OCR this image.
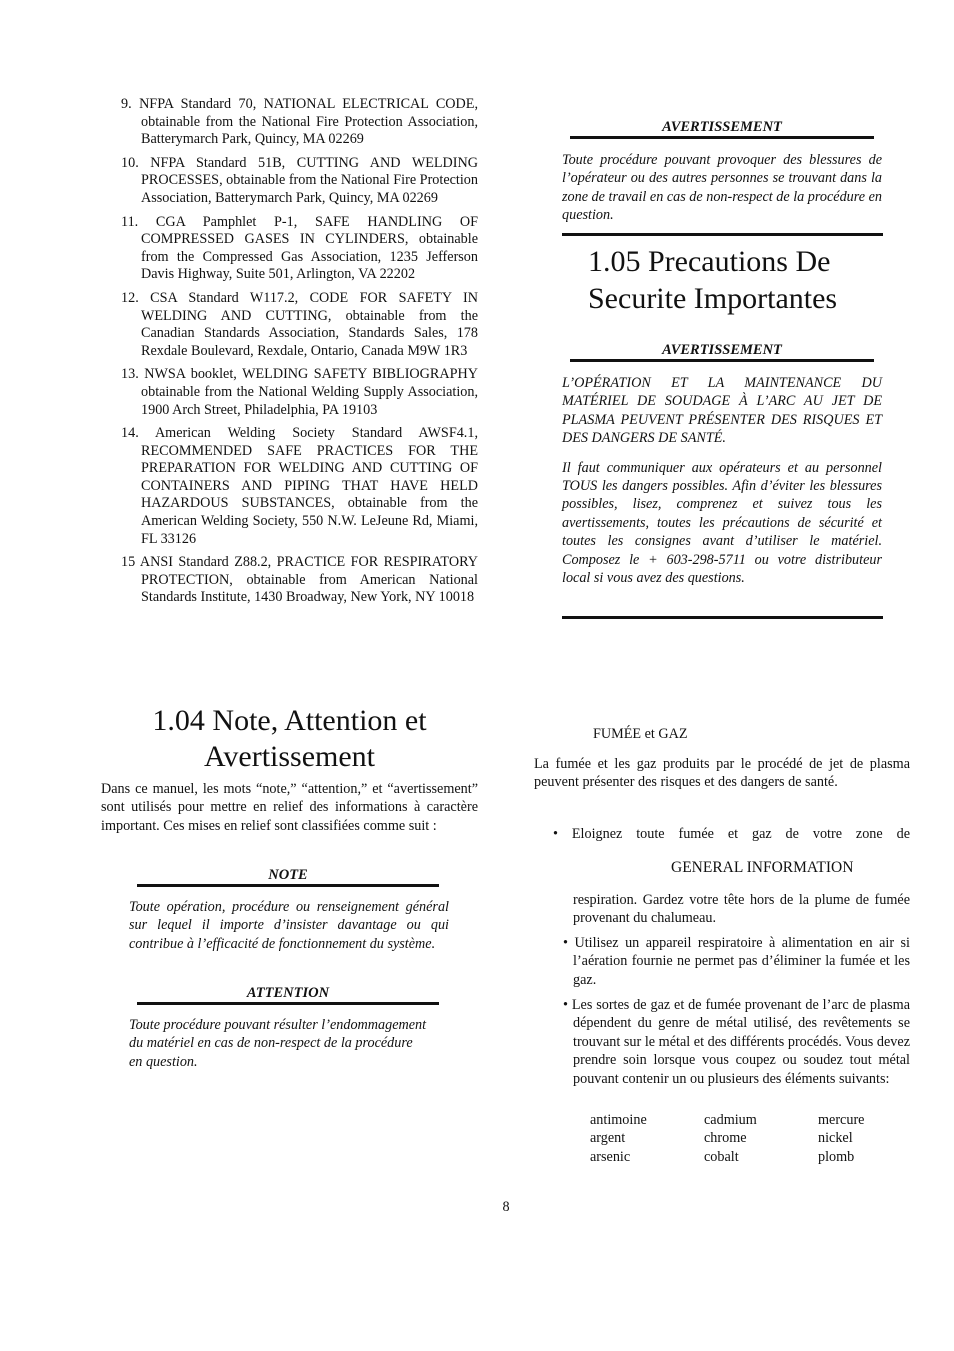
9. NFPA Standard 70, NATIONAL ELECTRICAL CODE, obtainable from the National Fire Protection Association, Batterymarch Park, Quincy, MA 02269

10. NFPA Standard 51B, CUTTING AND WELDING PROCESSES, obtainable from the National Fire Protection Association, Batterymarch Park, Quincy, MA 02269

11. CGA Pamphlet P-1, SAFE HANDLING OF COMPRESSED GASES IN CYLINDERS, obtainable from the Compressed Gas Association, 1235 Jefferson Davis Highway, Suite 501, Arlington, VA 22202

12. CSA Standard W117.2, CODE FOR SAFETY IN WELDING AND CUTTING, obtainable from the Canadian Standards Association, Standards Sales, 178 Rexdale Boulevard, Rexdale, Ontario, Canada M9W 1R3

13. NWSA booklet, WELDING SAFETY BIBLIOGRAPHY obtainable from the National Welding Supply Association, 1900 Arch Street, Philadelphia, PA 19103

14. American Welding Society Standard AWSF4.1, RECOMMENDED SAFE PRACTICES FOR THE PREPARATION FOR WELDING AND CUTTING OF CONTAINERS AND PIPING THAT HAVE HELD HAZARDOUS SUBSTANCES, obtainable from the American Welding Society, 550 N.W. LeJeune Rd, Miami, FL 33126

15 ANSI Standard Z88.2, PRACTICE FOR RESPIRATORY PROTECTION, obtainable from American National Standards Institute, 1430 Broadway, New York, NY 10018

1.04 Note, Attention et
Avertissement

Dans ce manuel, les mots “note,” “attention,” et “avertissement” sont utilisés pour mettre en relief des informations à caractère important. Ces mises en relief sont classifiées comme suit :

NOTE
Toute opération, procédure ou renseignement général sur lequel il importe d’insister davantage ou qui contribue à l’efficacité de fonctionnement du système.
ATTENTION
Toute procédure pouvant résulter l’endommagement du matériel en cas de non-respect de la procédure en question.
AVERTISSEMENT
Toute procédure pouvant provoquer des blessures de l’opérateur ou des autres personnes se trouvant dans la zone de travail en cas de non-respect de la procédure en question.
1.05 Precautions De
Securite Importantes
AVERTISSEMENT
L’OPÉRATION ET LA MAINTENANCE DU MATÉRIEL DE SOUDAGE À L’ARC AU JET DE PLASMA PEUVENT PRÉSENTER DES RISQUES ET DES DANGERS DE SANTÉ.
Il faut communiquer aux opérateurs et au personnel TOUS les dangers possibles. Afin d’éviter les blessures possibles, lisez, comprenez et suivez tous les avertissements, toutes les précautions de sécurité et toutes les consignes avant d’utiliser le matériel. Composez le + 603-298-5711 ou votre distributeur local si vous avez des questions.
FUMÉE et GAZ

La fumée et les gaz produits par le procédé de jet de plasma peuvent présenter des risques et des dangers de santé.

• Eloignez toute fumée et gaz de votre zone de
GENERAL INFORMATION

respiration. Gardez votre tête hors de la plume de fumée provenant du chalumeau.

• Utilisez un appareil respiratoire à alimentation en air si l’aération fournie ne permet pas d’éliminer la fumée et les gaz.

• Les sortes de gaz et de fumée provenant de l’arc de plasma dépendent du genre de métal utilisé, des revêtements se trouvant sur le métal et des différents procédés. Vous devez prendre soin lorsque vous coupez ou soudez tout métal pouvant contenir un ou plusieurs des éléments suivants:

antimoine
argent
arsenic
cadmium
chrome
cobalt
mercure
nickel
plomb
8
